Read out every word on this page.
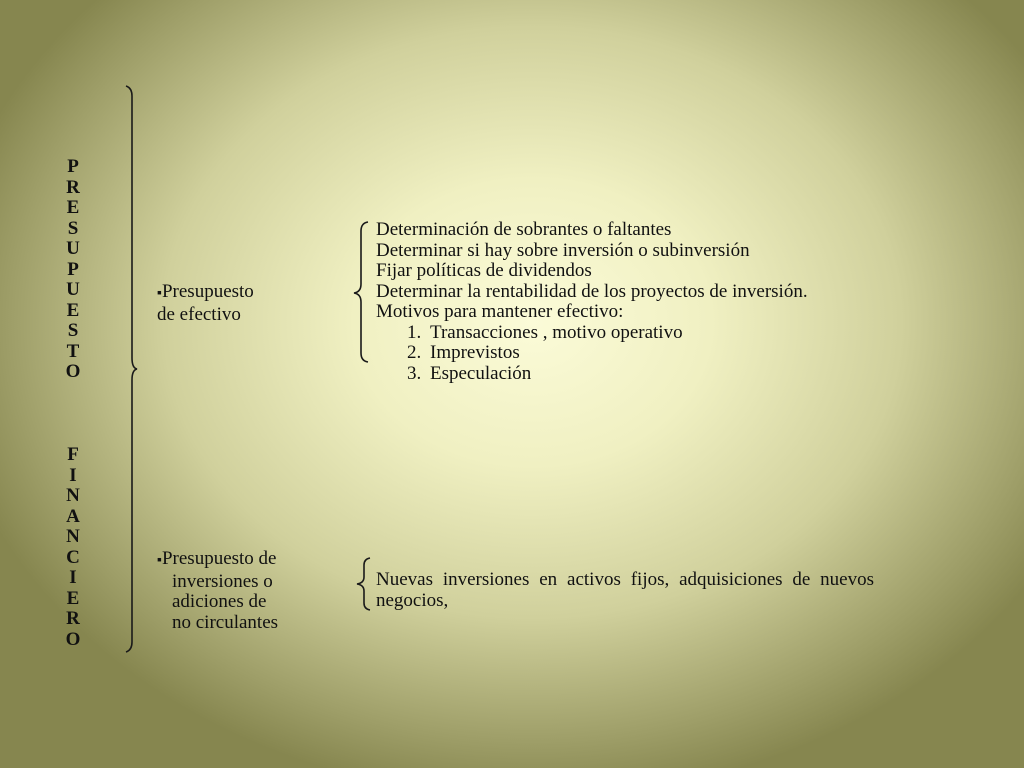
P
R
E
S
U
P
U
E
S
T
O
F
I
N
A
N
C
I
E
R
O
▪Presupuesto
de efectivo
Determinación de sobrantes o faltantes
Determinar si hay sobre inversión o subinversión
Fijar políticas de dividendos
Determinar la rentabilidad de los proyectos de inversión.
Motivos para mantener efectivo:
1. Transacciones , motivo operativo
2. Imprevistos
3. Especulación
▪Presupuesto de
inversiones o
adiciones de
no circulantes
Nuevas inversiones en activos fijos, adquisiciones de nuevos negocios,
